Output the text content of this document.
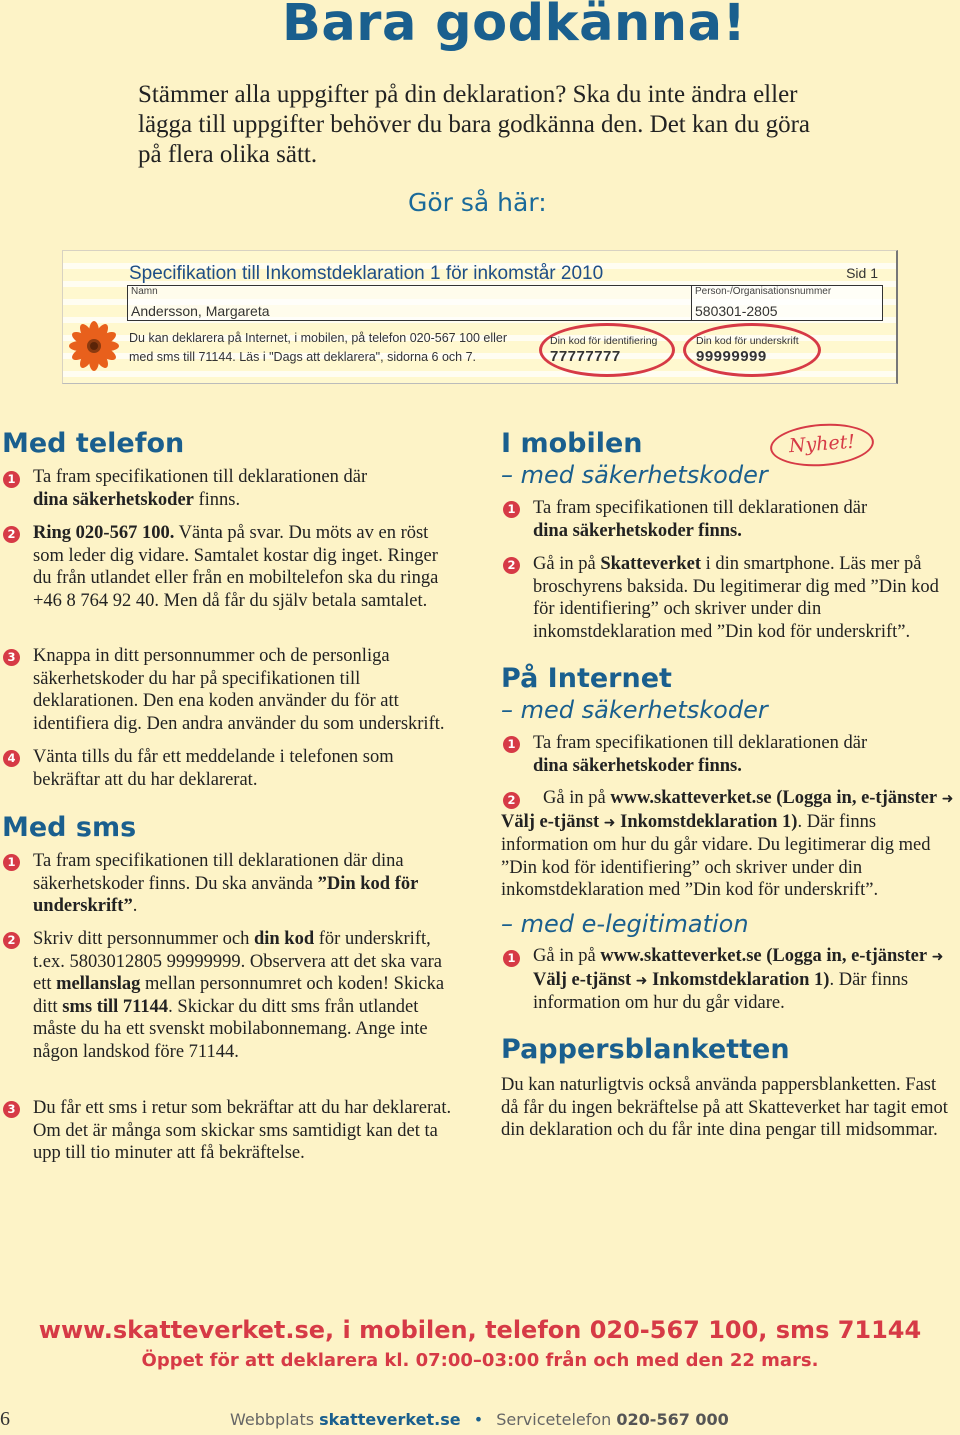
Bara godkänna!
Stämmer alla uppgifter på din deklaration? Ska du inte ändra eller lägga till uppgifter behöver du bara godkänna den. Det kan du göra på flera olika sätt.
Gör så här:
Specifikation till Inkomstdeklaration 1 för inkomstår 2010	Sid 1
Namn
Andersson, Margareta
Person-/Organisationsnummer
580301-2805
Du kan deklarera på Internet, i mobilen, på telefon 020-567 100 eller
med sms till 71144. Läs i "Dags att deklarera", sidorna 6 och 7.
Din kod för identifiering
77777777
Din kod för underskrift
99999999
Med telefon
1 Ta fram specifikationen till deklarationen där
dina säkerhetskoder finns.
2 Ring 020-567 100. Vänta på svar. Du möts av en röst som leder dig vidare. Samtalet kostar dig inget. Ringer du från utlandet eller från en mobiltelefon ska du ringa +46 8 764 92 40. Men då får du själv betala samtalet.
3 Knappa in ditt personnummer och de personliga säkerhetskoder du har på specifikationen till deklarationen. Den ena koden använder du för att identifiera dig. Den andra använder du som underskrift.
4 Vänta tills du får ett meddelande i telefonen som bekräftar att du har deklarerat.
Med sms
1 Ta fram specifikationen till deklarationen där dina säkerhetskoder finns. Du ska använda ”Din kod för underskrift”.
2 Skriv ditt personnummer och din kod för underskrift, t.ex. 5803012805 99999999. Observera att det ska vara ett mellanslag mellan personnumret och koden! Skicka ditt sms till 71144. Skickar du ditt sms från utlandet måste du ha ett svenskt mobilabonnemang. Ange inte någon landskod före 71144.
3 Du får ett sms i retur som bekräftar att du har deklarerat. Om det är många som skickar sms samtidigt kan det ta upp till tio minuter att få bekräftelse.
I mobilen	Nyhet!
– med säkerhetskoder
1 Ta fram specifikationen till deklarationen där
dina säkerhetskoder finns.
2 Gå in på Skatteverket i din smartphone. Läs mer på broschyrens baksida. Du legitimerar dig med ”Din kod för identifiering” och skriver under din inkomstdeklaration med ”Din kod för underskrift”.
På Internet
– med säkerhetskoder
1 Ta fram specifikationen till deklarationen där
dina säkerhetskoder finns.
2	Gå in på www.skatteverket.se (Logga in, e-tjänster ➜ Välj e-tjänst ➜ Inkomstdeklaration 1). Där finns information om hur du går vidare. Du legitimerar dig med ”Din kod för identifiering” och skriver under din inkomstdeklaration med ”Din kod för underskrift”.
– med e-legitimation
1 Gå in på www.skatteverket.se (Logga in, e-tjänster ➜ Välj e-tjänst ➜ Inkomstdeklaration 1). Där finns information om hur du går vidare.
Pappersblanketten
Du kan naturligtvis också använda pappersblanketten. Fast då får du ingen bekräftelse på att Skatteverket har tagit emot din deklaration och du får inte dina pengar till midsommar.
www.skatteverket.se, i mobilen, telefon 020-567 100, sms 71144
Öppet för att deklarera kl. 07:00–03:00 från och med den 22 mars.
6	Webbplats skatteverket.se • Servicetelefon 020-567 000
